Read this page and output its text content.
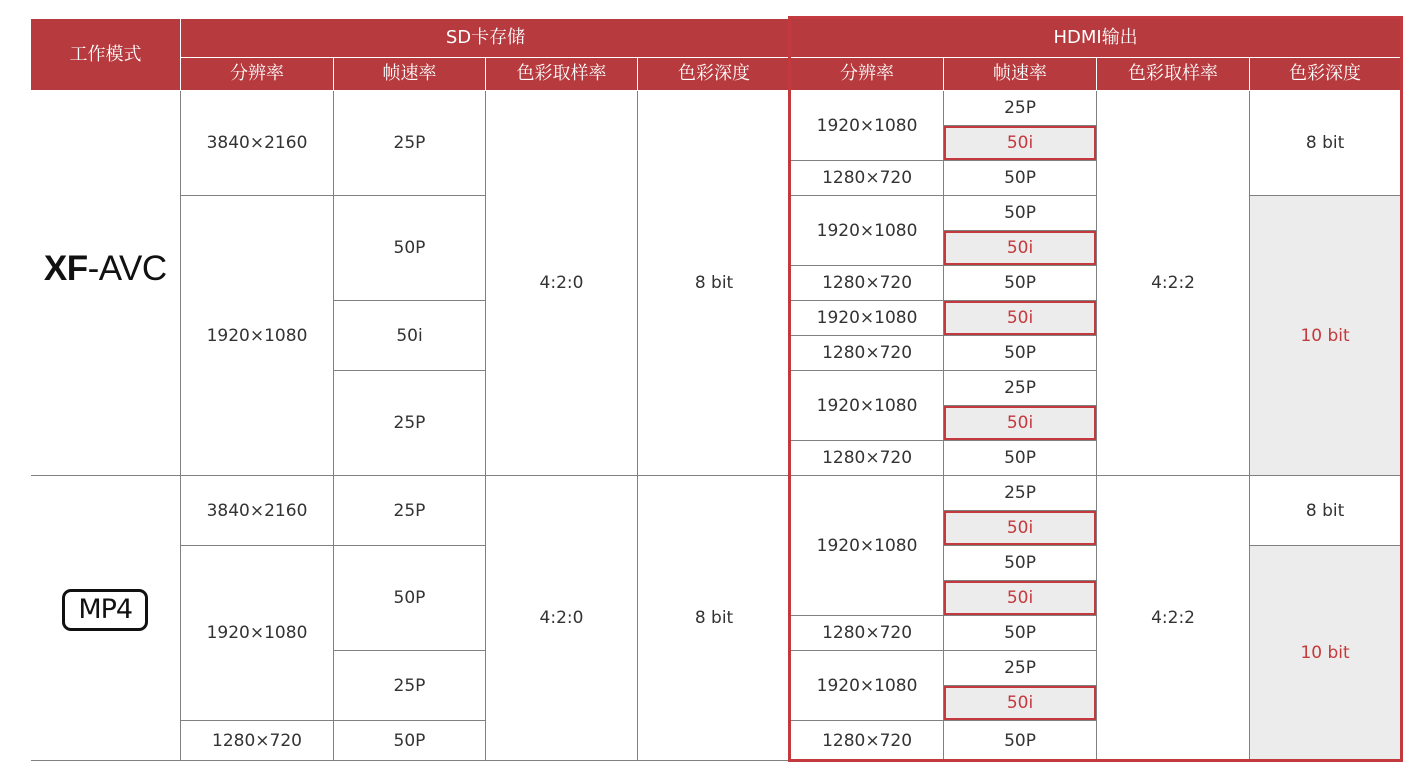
工作模式	SD卡存储				HDMI输出			
	分辨率	帧速率	色彩取样率	色彩深度	分辨率	帧速率	色彩取样率	色彩深度
XF-AVC	3840×2160	25P	4:2:0	8 bit	1920×1080	25P	4:2:2	8 bit
						50i		
					1280×720	50P		
	1920×1080	50P			1920×1080	50P		10 bit
						50i		
					1280×720	50P		
		50i			1920×1080	50i		
					1280×720	50P		
		25P			1920×1080	25P		
						50i		
					1280×720	50P		
MP4	3840×2160	25P	4:2:0	8 bit	1920×1080	25P	4:2:2	8 bit
						50i		
	1920×1080	50P				50P		10 bit
						50i		
					1280×720	50P		
		25P			1920×1080	25P		
						50i		
	1280×720	50P			1280×720	50P		
